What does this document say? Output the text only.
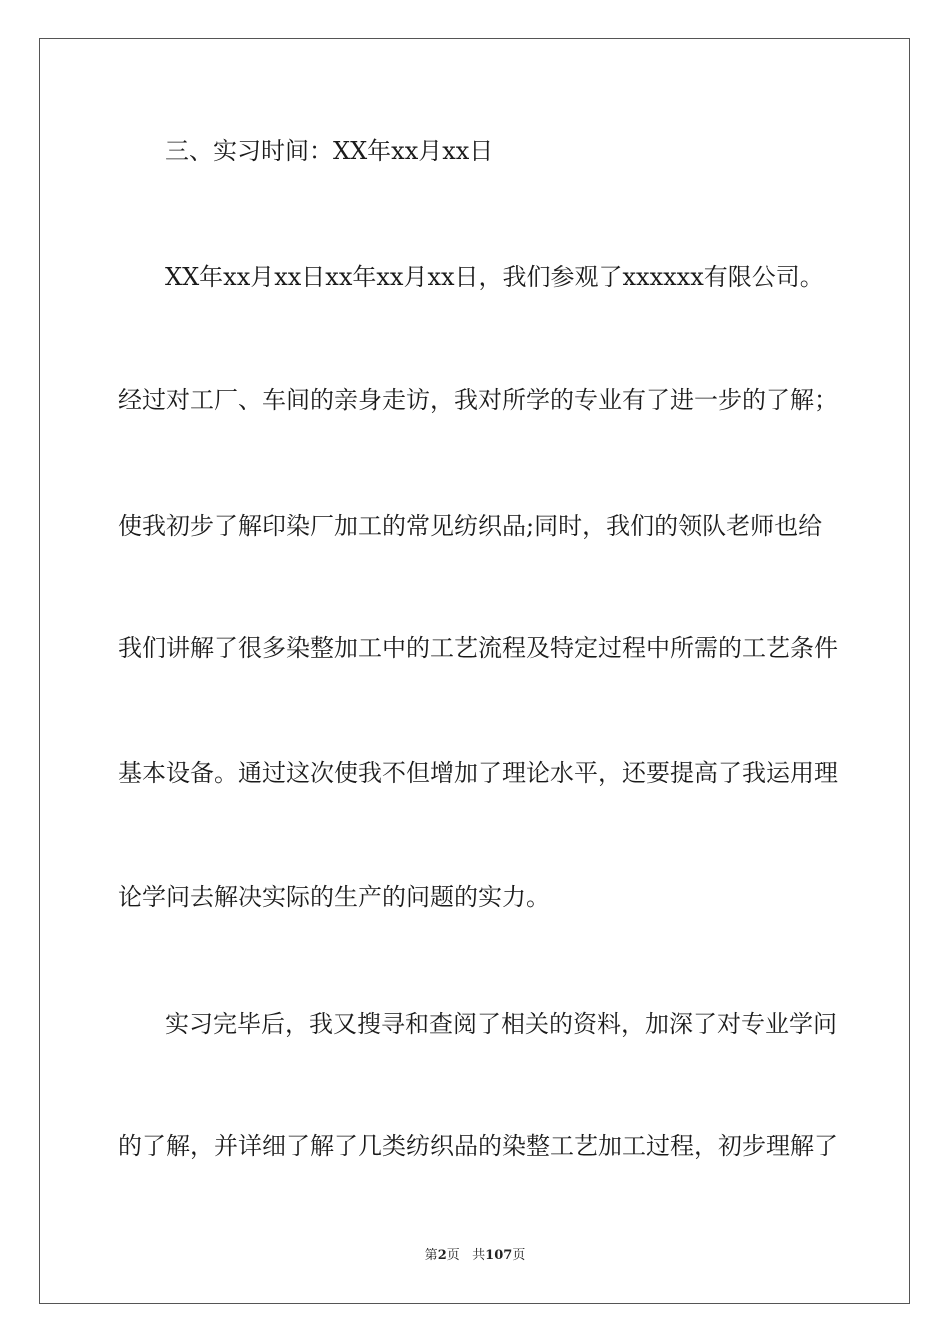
三、实习时间：XX年xx月xx日
XX年xx月xx日xx年xx月xx日，我们参观了xxxxxx有限公司。
经过对工厂、车间的亲身走访，我对所学的专业有了进一步的了解；
使我初步了解印染厂加工的常见纺织品;同时，我们的领队老师也给
我们讲解了很多染整加工中的工艺流程及特定过程中所需的工艺条件
基本设备。通过这次使我不但增加了理论水平，还要提高了我运用理
论学问去解决实际的生产的问题的实力。
实习完毕后，我又搜寻和查阅了相关的资料，加深了对专业学问
的了解，并详细了解了几类纺织品的染整工艺加工过程，初步理解了
第2页 共107页
